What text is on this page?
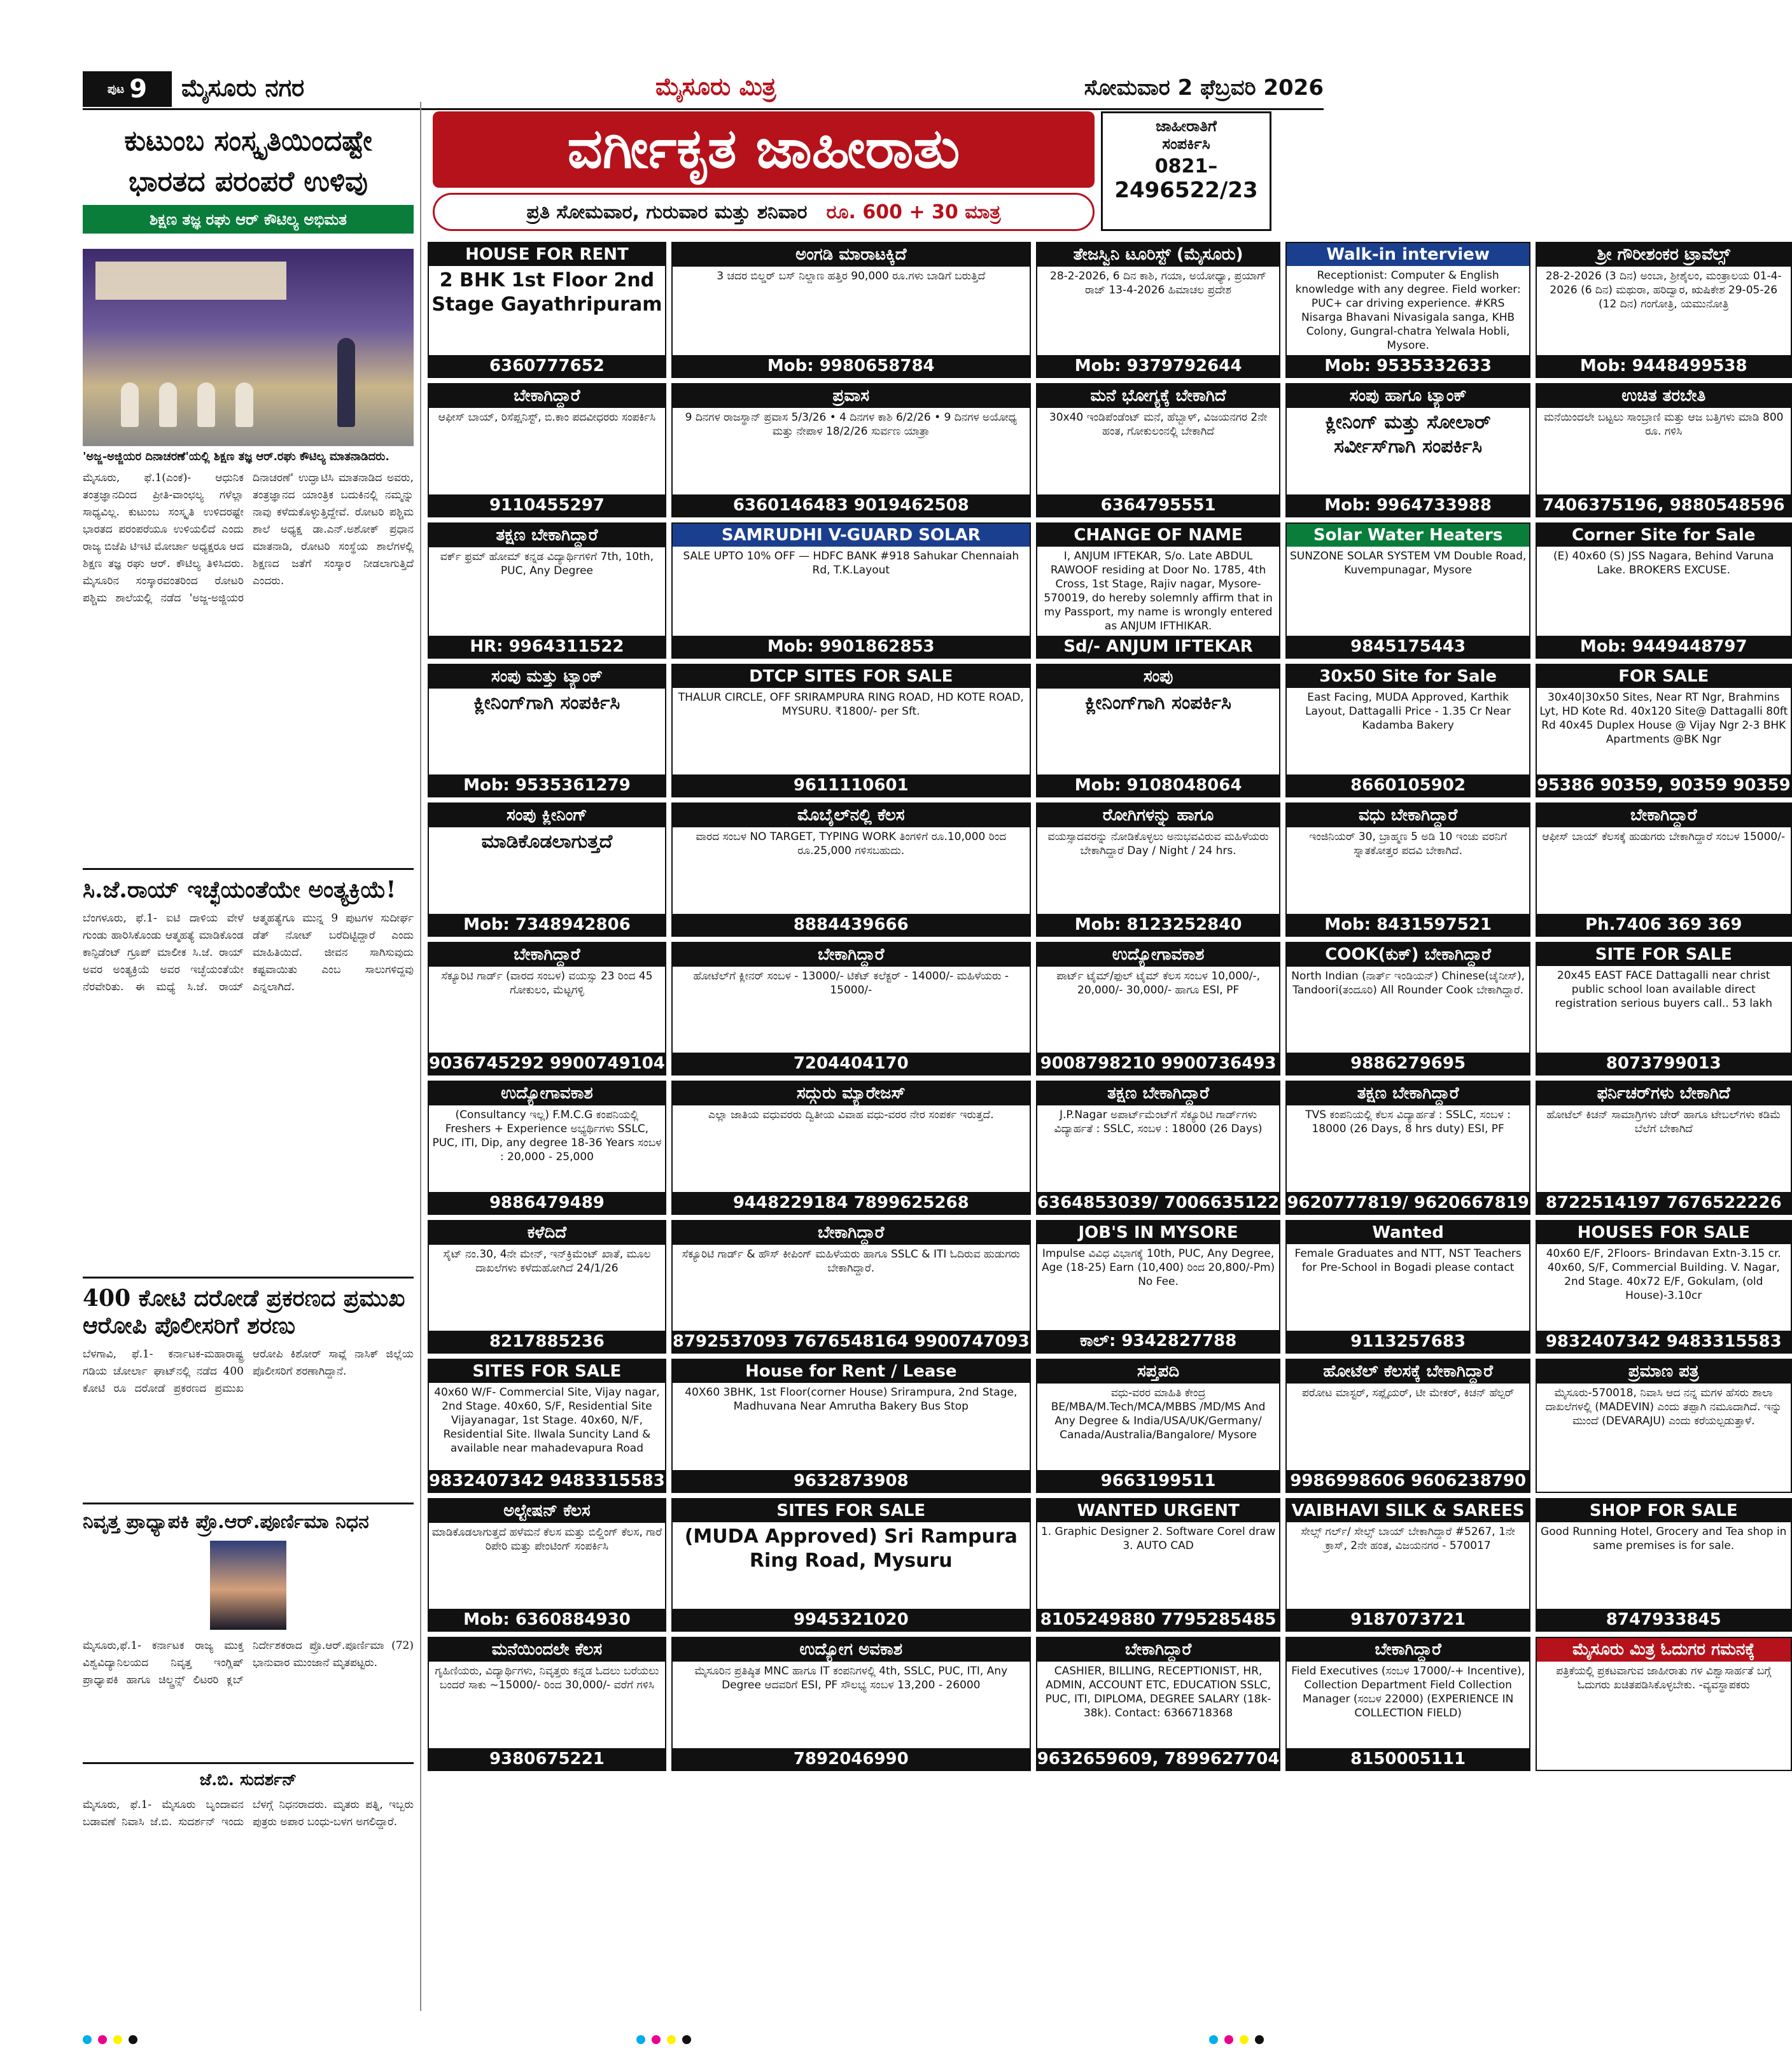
ಪುಟ 9 ಮೈಸೂರು ನಗರ	ಮೈಸೂರು ಮಿತ್ರ	ಸೋಮವಾರ 2 ಫೆಬ್ರವರಿ 2026
ಕುಟುಂಬ ಸಂಸ್ಕೃತಿಯಿಂದಷ್ಟೇ ಭಾರತದ ಪರಂಪರೆ ಉಳಿವು
ಶಿಕ್ಷಣ ತಜ್ಞ ರಘು ಆರ್ ಕೌಟಿಲ್ಯ ಅಭಿಮತ
'ಅಜ್ಜ-ಅಜ್ಜಿಯರ ದಿನಾಚರಣೆ'ಯಲ್ಲಿ ಶಿಕ್ಷಣ ತಜ್ಞ ಆರ್.ರಘು ಕೌಟಿಲ್ಯ ಮಾತನಾಡಿದರು.
ಮೈಸೂರು, ಫೆ.1(ಎಂಕೆ)- ಆಧುನಿಕ ತಂತ್ರಜ್ಞಾನದಿಂದ ಪ್ರೀತಿ-ವಾಂಛಲ್ಯ ಗಳೆಲ್ಲಾ ಸಾಧ್ಯವಿಲ್ಲ. ಕುಟುಂಬ ಸಂಸ್ಕೃತಿ ಉಳಿದರಷ್ಟೇ ಭಾರತದ ಪರಂಪರೆಯೂ ಉಳಿಯಲಿದೆ ಎಂದು ರಾಜ್ಯ ಬಿಜೆಪಿ ಟಿಇಟಿ ಮೋರ್ಚಾ ಅಧ್ಯಕ್ಷರೂ ಆದ ಶಿಕ್ಷಣ ತಜ್ಞ ರಘು ಆರ್. ಕೌಟಿಲ್ಯ ತಿಳಿಸಿದರು. ಮೈಸೂರಿನ ಸಂಸ್ಕಾರವಂತರಿಂದ ರೋಟರಿ ಪಶ್ಚಿಮ ಶಾಲೆಯಲ್ಲಿ ನಡೆದ 'ಅಜ್ಜ-ಅಜ್ಜಿಯರ ದಿನಾಚರಣೆ' ಉದ್ಘಾಟಿಸಿ ಮಾತನಾಡಿದ ಅವರು, ತಂತ್ರಜ್ಞಾನದ ಯಾಂತ್ರಿಕ ಬದುಕಿನಲ್ಲಿ ನಮ್ಮನ್ನು ನಾವು ಕಳೆದುಕೊಳ್ಳುತ್ತಿದ್ದೇವೆ. ರೋಟರಿ ಪಶ್ಚಿಮ ಶಾಲೆ ಅಧ್ಯಕ್ಷ ಡಾ.ಎನ್.ಅಶೋಕ್ ಪ್ರಧಾನ ಮಾತನಾಡಿ, ರೋಟರಿ ಸಂಸ್ಥೆಯ ಶಾಲೆಗಳಲ್ಲಿ ಶಿಕ್ಷಣದ ಜತೆಗೆ ಸಂಸ್ಕಾರ ನೀಡಲಾಗುತ್ತಿದೆ ಎಂದರು.
ಸಿ.ಜೆ.ರಾಯ್ ಇಚ್ಛೆಯಂತೆಯೇ ಅಂತ್ಯಕ್ರಿಯೆ!
ಬೆಂಗಳೂರು, ಫೆ.1- ಐಟಿ ದಾಳಿಯ ವೇಳೆ ಗುಂಡು ಹಾರಿಸಿಕೊಂಡು ಆತ್ಮಹತ್ಯೆ ಮಾಡಿಕೊಂಡ ಕಾನ್ಫಿಡೆಂಟ್ ಗ್ರೂಪ್ ಮಾಲೀಕ ಸಿ.ಜೆ. ರಾಯ್ ಅವರ ಅಂತ್ಯಕ್ರಿಯೆ ಅವರ ಇಚ್ಛೆಯಂತೆಯೇ ನೆರವೇರಿತು. ಈ ಮಧ್ಯೆ ಸಿ.ಜೆ. ರಾಯ್ ಆತ್ಮಹತ್ಯೆಗೂ ಮುನ್ನ 9 ಪುಟಗಳ ಸುದೀರ್ಘ ಡೆತ್ ನೋಟ್ ಬರೆದಿಟ್ಟಿದ್ದಾರೆ ಎಂದು ಮಾಹಿತಿಯಿದೆ. ಜೀವನ ಸಾಗಿಸುವುದು ಕಷ್ಟವಾಯಿತು ಎಂಬ ಸಾಲುಗಳಿದ್ದವು ಎನ್ನಲಾಗಿದೆ.
400 ಕೋಟಿ ದರೋಡೆ ಪ್ರಕರಣದ ಪ್ರಮುಖ ಆರೋಪಿ ಪೊಲೀಸರಿಗೆ ಶರಣು
ಬೆಳಗಾವಿ, ಫೆ.1- ಕರ್ನಾಟಕ-ಮಹಾರಾಷ್ಟ್ರ ಗಡಿಯ ಚೋರ್ಲಾ ಘಾಟ್‌ನಲ್ಲಿ ನಡೆದ 400 ಕೋಟಿ ರೂ ದರೋಡೆ ಪ್ರಕರಣದ ಪ್ರಮುಖ ಆರೋಪಿ ಕಿಶೋರ್ ಸಾವ್ಲೆ ನಾಸಿಕ್ ಜಿಲ್ಲೆಯ ಪೊಲೀಸರಿಗೆ ಶರಣಾಗಿದ್ದಾನೆ.
ನಿವೃತ್ತ ಪ್ರಾಧ್ಯಾಪಕಿ ಪ್ರೊ.ಆರ್.ಪೂರ್ಣಿಮಾ ನಿಧನ
ಮೈಸೂರು,ಫೆ.1- ಕರ್ನಾಟಕ ರಾಜ್ಯ ಮುಕ್ತ ವಿಶ್ವವಿದ್ಯಾನಿಲಯದ ನಿವೃತ್ತ ಇಂಗ್ಲಿಷ್ ಪ್ರಾಧ್ಯಾಪಕಿ ಹಾಗೂ ಚಿಲ್ಡ್ರನ್ಸ್ ಲಿಟರರಿ ಕ್ಲಬ್ ನಿರ್ದೇಶಕರಾದ ಪ್ರೊ.ಆರ್.ಪೂರ್ಣಿಮಾ (72) ಭಾನುವಾರ ಮುಂಜಾನೆ ಮೃತಪಟ್ಟರು.
ಜೆ.ಬಿ. ಸುದರ್ಶನ್
ಮೈಸೂರು, ಫೆ.1- ಮೈಸೂರು ಬೃಂದಾವನ ಬಡಾವಣೆ ನಿವಾಸಿ ಜೆ.ಬಿ. ಸುದರ್ಶನ್ ಇಂದು ಬೆಳಗ್ಗೆ ನಿಧನರಾದರು. ಮೃತರು ಪತ್ನಿ, ಇಬ್ಬರು ಪುತ್ರರು ಅಪಾರ ಬಂಧು-ಬಳಗ ಅಗಲಿದ್ದಾರೆ.
ವರ್ಗೀಕೃತ ಜಾಹೀರಾತು
ಪ್ರತಿ ಸೋಮವಾರ, ಗುರುವಾರ ಮತ್ತು ಶನಿವಾರ ರೂ. 600 + 30 ಮಾತ್ರ
ಜಾಹೀರಾತಿಗೆ
ಸಂಪರ್ಕಿಸಿ
0821–
2496522/23
HOUSE FOR RENT
2 BHK 1st Floor 2nd Stage Gayathripuram
6360777652
ಅಂಗಡಿ ಮಾರಾಟಕ್ಕಿದೆ
3 ಚದರ ಬಿಲ್ಡರ್ ಬಸ್ ನಿಲ್ದಾಣ ಹತ್ತಿರ 90,000 ರೂ.ಗಳು ಬಾಡಿಗೆ ಬರುತ್ತಿದೆ
Mob: 9980658784
ತೇಜಸ್ವಿನಿ ಟೂರಿಸ್ಟ್ (ಮೈಸೂರು)
28-2-2026, 6 ದಿನ ಕಾಶಿ, ಗಯಾ, ಅಯೋಧ್ಯಾ, ಪ್ರಯಾಗ್ ರಾಜ್ 13-4-2026 ಹಿಮಾಚಲ ಪ್ರದೇಶ
Mob: 9379792644
Walk-in interview
Receptionist: Computer & English knowledge with any degree. Field worker: PUC+ car driving experience. #KRS Nisarga Bhavani Nivasigala sanga, KHB Colony, Gungral-chatra Yelwala Hobli, Mysore.
Mob: 9535332633
ಶ್ರೀ ಗೌರೀಶಂಕರ ಟ್ರಾವೆಲ್ಸ್
28-2-2026 (3 ದಿನ) ಅಂಬಾ, ಶ್ರೀಶೈಲಂ, ಮಂತ್ರಾಲಯ 01-4-2026 (6 ದಿನ) ಮಥುರಾ, ಹರಿದ್ವಾರ, ಋಷಿಕೇಶ 29-05-26 (12 ದಿನ) ಗಂಗೋತ್ರಿ, ಯಮುನೋತ್ರಿ
Mob: 9448499538
ಬೇಕಾಗಿದ್ದಾರೆ
ಆಫೀಸ್ ಬಾಯ್, ರಿಸೆಪ್ಷನಿಸ್ಟ್, ಬಿ.ಕಾಂ ಪದವೀಧರರು ಸಂಪರ್ಕಿಸಿ
9110455297
ಪ್ರವಾಸ
9 ದಿನಗಳ ರಾಜಸ್ಥಾನ್ ಪ್ರವಾಸ 5/3/26 • 4 ದಿನಗಳ ಕಾಶಿ 6/2/26 • 9 ದಿನಗಳ ಅಯೋಧ್ಯ ಮತ್ತು ನೇಪಾಳ 18/2/26 ಸುರ್ವಣ ಯಾತ್ರಾ
6360146483 9019462508
ಮನೆ ಭೋಗ್ಯಕ್ಕೆ ಬೇಕಾಗಿದೆ
30x40 ಇಂಡಿಪೆಂಡೆಂಟ್ ಮನೆ, ಹೆಬ್ಬಾಳ್, ವಿಜಯನಗರ 2ನೇ ಹಂತ, ಗೋಕುಲಂನಲ್ಲಿ ಬೇಕಾಗಿದೆ
6364795551
ಸಂಪು ಹಾಗೂ ಟ್ಯಾಂಕ್
ಕ್ಲೀನಿಂಗ್ ಮತ್ತು ಸೋಲಾರ್ ಸರ್ವೀಸ್‌ಗಾಗಿ ಸಂಪರ್ಕಿಸಿ
Mob: 9964733988
ಉಚಿತ ತರಬೇತಿ
ಮನೆಯಿಂದಲೇ ಬಟ್ಟಲು ಸಾಂಬ್ರಾಣಿ ಮತ್ತು ಆಜ ಬತ್ತಿಗಳು ಮಾಡಿ 800 ರೂ. ಗಳಿಸಿ
7406375196, 9880548596
ತಕ್ಷಣ ಬೇಕಾಗಿದ್ದಾರೆ
ವರ್ಕ್ ಫ್ರಮ್ ಹೋಮ್ ಕನ್ನಡ ವಿದ್ಯಾರ್ಥಿಗಳಿಗೆ 7th, 10th, PUC, Any Degree
HR: 9964311522
SAMRUDHI V-GUARD SOLAR
SALE UPTO 10% OFF — HDFC BANK #918 Sahukar Chennaiah Rd, T.K.Layout
Mob: 9901862853
CHANGE OF NAME
I, ANJUM IFTEKAR, S/o. Late ABDUL RAWOOF residing at Door No. 1785, 4th Cross, 1st Stage, Rajiv nagar, Mysore-570019, do hereby solemnly affirm that in my Passport, my name is wrongly entered as ANJUM IFTHIKAR.
Sd/- ANJUM IFTEKAR
Solar Water Heaters
SUNZONE SOLAR SYSTEM VM Double Road, Kuvempunagar, Mysore
9845175443
Corner Site for Sale
(E) 40x60 (S) JSS Nagara, Behind Varuna Lake. BROKERS EXCUSE.
Mob: 9449448797
ಸಂಪು ಮತ್ತು ಟ್ಯಾಂಕ್
ಕ್ಲೀನಿಂಗ್‌ಗಾಗಿ ಸಂಪರ್ಕಿಸಿ
Mob: 9535361279
DTCP SITES FOR SALE
THALUR CIRCLE, OFF SRIRAMPURA RING ROAD, HD KOTE ROAD, MYSURU. ₹1800/- per Sft.
9611110601
ಸಂಪು
ಕ್ಲೀನಿಂಗ್‌ಗಾಗಿ ಸಂಪರ್ಕಿಸಿ
Mob: 9108048064
30x50 Site for Sale
East Facing, MUDA Approved, Karthik Layout, Dattagalli Price - 1.35 Cr Near Kadamba Bakery
8660105902
FOR SALE
30x40|30x50 Sites, Near RT Ngr, Brahmins Lyt, HD Kote Rd. 40x120 Site@ Dattagalli 80ft Rd 40x45 Duplex House @ Vijay Ngr 2-3 BHK Apartments @BK Ngr
95386 90359, 90359 90359
ಸಂಪು ಕ್ಲೀನಿಂಗ್
ಮಾಡಿಕೊಡಲಾಗುತ್ತದೆ
Mob: 7348942806
ಮೊಬೈಲ್‌ನಲ್ಲಿ ಕೆಲಸ
ವಾರದ ಸಂಬಳ NO TARGET, TYPING WORK ತಿಂಗಳಿಗೆ ರೂ.10,000 ರಿಂದ ರೂ.25,000 ಗಳಿಸಬಹುದು.
8884439666
ರೋಗಿಗಳನ್ನು ಹಾಗೂ
ವಯಸ್ಸಾದವರನ್ನು ನೋಡಿಕೊಳ್ಳಲು ಅನುಭವವಿರುವ ಮಹಿಳೆಯರು ಬೇಕಾಗಿದ್ದಾರೆ Day / Night / 24 hrs.
Mob: 8123252840
ವಧು ಬೇಕಾಗಿದ್ದಾರೆ
ಇಂಜಿನಿಯರ್ 30, ಬ್ರಾಹ್ಮಣ 5 ಅಡಿ 10 ಇಂಚು ವರನಿಗೆ ಸ್ನಾತಕೋತ್ತರ ಪದವಿ ಬೇಕಾಗಿದೆ.
Mob: 8431597521
ಬೇಕಾಗಿದ್ದಾರೆ
ಆಫೀಸ್ ಬಾಯ್ ಕೆಲಸಕ್ಕೆ ಹುಡುಗರು ಬೇಕಾಗಿದ್ದಾರೆ ಸಂಬಳ 15000/-
Ph.7406 369 369
ಬೇಕಾಗಿದ್ದಾರೆ
ಸೆಕ್ಯೂರಿಟಿ ಗಾರ್ಡ್ (ವಾರದ ಸಂಬಳ) ವಯಸ್ಸು 23 ರಿಂದ 45 ಗೋಕುಲಂ, ಮೆಟ್ಟಗಳ್ಳಿ
9036745292 9900749104
ಬೇಕಾಗಿದ್ದಾರೆ
ಹೋಟೆಲ್‌ಗೆ ಕ್ಲೀನರ್ ಸಂಬಳ - 13000/- ಟಿಕೆಟ್ ಕಲೆಕ್ಟರ್ - 14000/- ಮಹಿಳೆಯರು - 15000/-
7204404170
ಉದ್ಯೋಗಾವಕಾಶ
ಪಾರ್ಟ್ ಟೈಮ್/ಫುಲ್ ಟೈಮ್ ಕೆಲಸ ಸಂಬಳ 10,000/-, 20,000/- 30,000/- ಹಾಗೂ ESI, PF
9008798210 9900736493
COOK(ಕುಕ್) ಬೇಕಾಗಿದ್ದಾರೆ
North Indian (ನಾರ್ತ್ ಇಂಡಿಯನ್) Chinese(ಚೈನೀಸ್), Tandoori(ತಂದೂರಿ) All Rounder Cook ಬೇಕಾಗಿದ್ದಾರೆ.
9886279695
SITE FOR SALE
20x45 EAST FACE Dattagalli near christ public school loan available direct registration serious buyers call.. 53 lakh
8073799013
ಉದ್ಯೋಗಾವಕಾಶ
(Consultancy ಇಲ್ಲ) F.M.C.G ಕಂಪನಿಯಲ್ಲಿ Freshers + Experience ಅಭ್ಯರ್ಥಿಗಳು SSLC, PUC, ITI, Dip, any degree 18-36 Years ಸಂಬಳ : 20,000 - 25,000
9886479489
ಸದ್ಗುರು ಮ್ಯಾರೇಜಸ್
ಎಲ್ಲಾ ಜಾತಿಯ ವಧುವರರು ದ್ವಿತೀಯ ವಿವಾಹ ವಧು-ವರರ ನೇರ ಸಂಪರ್ಕ ಇರುತ್ತದೆ.
9448229184 7899625268
ತಕ್ಷಣ ಬೇಕಾಗಿದ್ದಾರೆ
J.P.Nagar ಅಪಾರ್ಟ್‌ಮೆಂಟ್‌ಗೆ ಸೆಕ್ಯೂರಿಟಿ ಗಾರ್ಡ್‌ಗಳು ವಿದ್ಯಾರ್ಹತೆ : SSLC, ಸಂಬಳ : 18000 (26 Days)
6364853039/ 7006635122
ತಕ್ಷಣ ಬೇಕಾಗಿದ್ದಾರೆ
TVS ಕಂಪನಿಯಲ್ಲಿ ಕೆಲಸ ವಿದ್ಯಾರ್ಹತೆ : SSLC, ಸಂಬಳ : 18000 (26 Days, 8 hrs duty) ESI, PF
9620777819/ 9620667819
ಫರ್ನಿಚರ್‌ಗಳು ಬೇಕಾಗಿದೆ
ಹೋಟೆಲ್ ಕಿಚನ್ ಸಾಮಾಗ್ರಿಗಳು ಚೇರ್ ಹಾಗೂ ಟೇಬಲ್‌ಗಳು ಕಡಿಮೆ ಬೆಲೆಗೆ ಬೇಕಾಗಿದೆ
8722514197 7676522226
ಕಳೆದಿದೆ
ಸೈಟ್ ನಂ.30, 4ನೇ ಮೇನ್, ಇನ್‌ಕ್ರಿಮೆಂಟ್ ಖಾತೆ, ಮೂಲ ದಾಖಲೆಗಳು ಕಳೆದುಹೋಗಿದೆ 24/1/26
8217885236
ಬೇಕಾಗಿದ್ದಾರೆ
ಸೆಕ್ಯೂರಿಟಿ ಗಾರ್ಡ್ & ಹೌಸ್ ಕೀಪಿಂಗ್ ಮಹಿಳೆಯರು ಹಾಗೂ SSLC & ITI ಓದಿರುವ ಹುಡುಗರು ಬೇಕಾಗಿದ್ದಾರೆ.
8792537093 7676548164 9900747093
JOB'S IN MYSORE
Impulse ವಿವಿಧ ವಿಭಾಗಕ್ಕೆ 10th, PUC, Any Degree, Age (18-25) Earn (10,400) ರಿಂದ 20,800/-Pm) No Fee.
ಕಾಲ್: 9342827788
Wanted
Female Graduates and NTT, NST Teachers for Pre-School in Bogadi please contact
9113257683
HOUSES FOR SALE
40x60 E/F, 2Floors- Brindavan Extn-3.15 cr. 40x60, S/F, Commercial Building. V. Nagar, 2nd Stage. 40x72 E/F, Gokulam, (old House)-3.10cr
9832407342 9483315583
SITES FOR SALE
40x60 W/F- Commercial Site, Vijay nagar, 2nd Stage. 40x60, S/F, Residential Site Vijayanagar, 1st Stage. 40x60, N/F, Residential Site. Ilwala Suncity Land & available near mahadevapura Road
9832407342 9483315583
House for Rent / Lease
40X60 3BHK, 1st Floor(corner House) Srirampura, 2nd Stage, Madhuvana Near Amrutha Bakery Bus Stop
9632873908
ಸಪ್ತಪದಿ
ವಧು-ವರರ ಮಾಹಿತಿ ಕೇಂದ್ರ BE/MBA/M.Tech/MCA/MBBS /MD/MS And Any Degree & India/USA/UK/Germany/ Canada/Australia/Bangalore/ Mysore
9663199511
ಹೋಟೆಲ್ ಕೆಲಸಕ್ಕೆ ಬೇಕಾಗಿದ್ದಾರೆ
ಪರೋಟ ಮಾಸ್ಟರ್, ಸಪ್ಲೈಯರ್, ಟೀ ಮೇಕರ್, ಕಿಚನ್ ಹೆಲ್ಪರ್
9986998606 9606238790
ಪ್ರಮಾಣ ಪತ್ರ
ಮೈಸೂರು-570018, ನಿವಾಸಿ ಆದ ನನ್ನ ಮಗಳ ಹೆಸರು ಶಾಲಾ ದಾಖಲೆಗಳಲ್ಲಿ (MADEVIN) ಎಂದು ತಪ್ಪಾಗಿ ನಮೂದಾಗಿದೆ. ಇನ್ನು ಮುಂದೆ (DEVARAJU) ಎಂದು ಕರೆಯಲ್ಪಡುತ್ತಾಳೆ.
ಅಲ್ಟೇಷನ್ ಕೆಲಸ
ಮಾಡಿಕೊಡಲಾಗುತ್ತದೆ ಹಳೆಮನೆ ಕೆಲಸ ಮತ್ತು ಬಿಲ್ಡಿಂಗ್ ಕೆಲಸ, ಗಾರೆ ರಿಪೇರಿ ಮತ್ತು ಪೇಂಟಿಂಗ್ ಸಂಪರ್ಕಿಸಿ
Mob: 6360884930
SITES FOR SALE
(MUDA Approved) Sri Rampura Ring Road, Mysuru
9945321020
WANTED URGENT
1. Graphic Designer 2. Software Corel draw 3. AUTO CAD
8105249880 7795285485
VAIBHAVI SILK & SAREES
ಸೇಲ್ಸ್ ಗರ್ಲ್/ ಸೇಲ್ಸ್ ಬಾಯ್ ಬೇಕಾಗಿದ್ದಾರೆ #5267, 1ನೇ ಕ್ರಾಸ್, 2ನೇ ಹಂತ, ವಿಜಯನಗರ - 570017
9187073721
SHOP FOR SALE
Good Running Hotel, Grocery and Tea shop in same premises is for sale.
8747933845
ಮನೆಯಿಂದಲೇ ಕೆಲಸ
ಗೃಹಿಣಿಯರು, ವಿದ್ಯಾರ್ಥಿಗಳು, ನಿವೃತ್ತರು ಕನ್ನಡ ಓದಲು ಬರೆಯಲು ಬಂದರೆ ಸಾಕು ~15000/- ರಿಂದ 30,000/- ವರೆಗೆ ಗಳಿಸಿ
9380675221
ಉದ್ಯೋಗ ಅವಕಾಶ
ಮೈಸೂರಿನ ಪ್ರತಿಷ್ಠಿತ MNC ಹಾಗೂ IT ಕಂಪನಿಗಳಲ್ಲಿ 4th, SSLC, PUC, ITI, Any Degree ಆದವರಿಗೆ ESI, PF ಸೌಲಭ್ಯ ಸಂಬಳ 13,200 - 26000
7892046990
ಬೇಕಾಗಿದ್ದಾರೆ
CASHIER, BILLING, RECEPTIONIST, HR, ADMIN, ACCOUNT ETC, EDUCATION SSLC, PUC, ITI, DIPLOMA, DEGREE SALARY (18k-38k). Contact: 6366718368
9632659609, 7899627704
ಬೇಕಾಗಿದ್ದಾರೆ
Field Executives (ಸಂಬಳ 17000/-+ Incentive), Collection Department Field Collection Manager (ಸಂಬಳ 22000) (EXPERIENCE IN COLLECTION FIELD)
8150005111
ಮೈಸೂರು ಮಿತ್ರ ಓದುಗರ ಗಮನಕ್ಕೆ
ಪತ್ರಿಕೆಯಲ್ಲಿ ಪ್ರಕಟವಾಗುವ ಜಾಹೀರಾತು ಗಳ ವಿಶ್ವಾಸಾರ್ಹತೆ ಬಗ್ಗೆ ಓದುಗರು ಖಚಿತಪಡಿಸಿಕೊಳ್ಳಬೇಕು. -ವ್ಯವಸ್ಥಾಪಕರು
